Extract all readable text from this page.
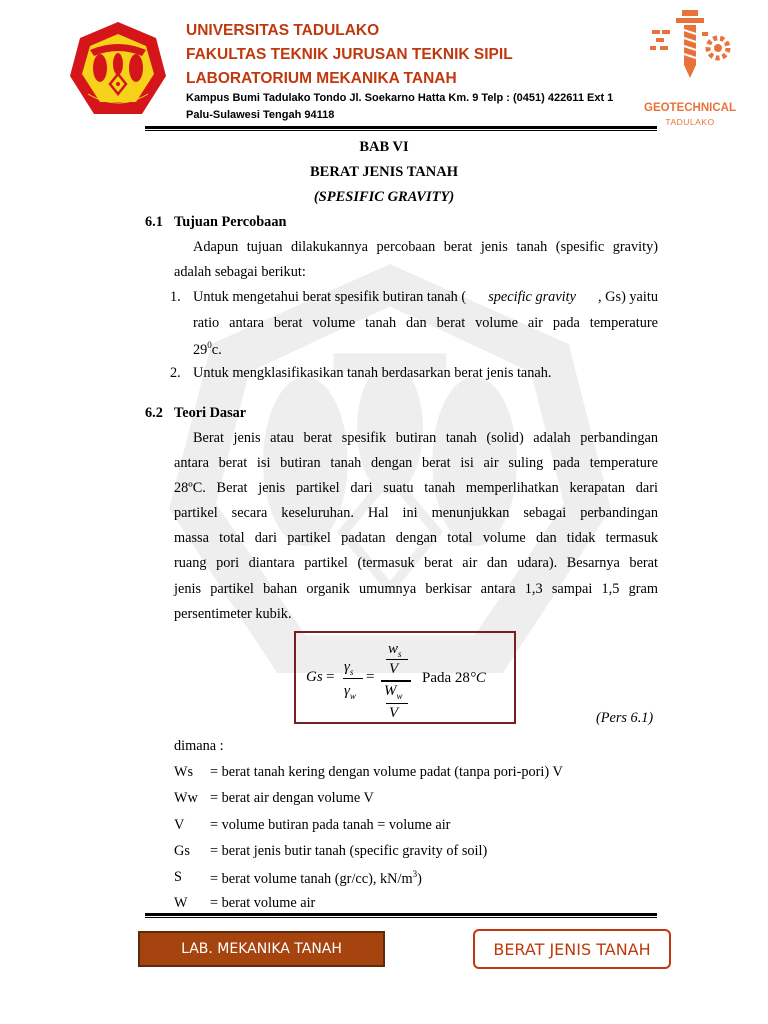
UNIVERSITAS TADULAKO
FAKULTAS TEKNIK JURUSAN TEKNIK SIPIL
LABORATORIUM MEKANIKA TANAH
Kampus Bumi Tadulako Tondo Jl. Soekarno Hatta Km. 9 Telp : (0451) 422611 Ext 1
Palu-Sulawesi Tengah 94118
GEOTECHNICAL
TADULAKO
BAB VI
BERAT JENIS TANAH
(SPESIFIC GRAVITY)
6.1 Tujuan Percobaan
Adapun tujuan dilakukannya percobaan berat jenis tanah (spesific gravity)
adalah sebagai berikut:
1. Untuk mengetahui berat spesifik butiran tanah ( specific gravity , Gs) yaitu
ratio antara berat volume tanah dan berat volume air pada temperature
$29^0c$.
2. Untuk mengklasifikasikan tanah berdasarkan berat jenis tanah.
6.2 Teori Dasar
Berat jenis atau berat spesifik butiran tanah (solid) adalah perbandingan
antara berat isi butiran tanah dengan berat isi air suling pada temperature
28ºC. Berat jenis partikel dari suatu tanah memperlihatkan kerapatan dari
partikel secara keseluruhan. Hal ini menunjukkan sebagai perbandingan
massa total dari partikel padatan dengan total volume dan tidak termasuk
ruang pori diantara partikel (termasuk berat air dan udara). Besarnya berat
jenis partikel bahan organik umumnya berkisar antara 1,3 sampai 1,5 gram
persentimeter kubik.
Gs =
$\gamma_s$
$\gamma_w$
=
$w_s$
V
$W_w$
V
Pada 28°C
(Pers 6.1)
dimana :
Ws = berat tanah kering dengan volume padat (tanpa pori-pori) V
Ww = berat air dengan volume V
V = volume butiran pada tanah = volume air
Gs = berat jenis butir tanah (specific gravity of soil)
S = berat volume tanah (gr/cc), $kN/m^3$)
W = berat volume air
LAB. MEKANIKA TANAH	BERAT JENIS TANAH
